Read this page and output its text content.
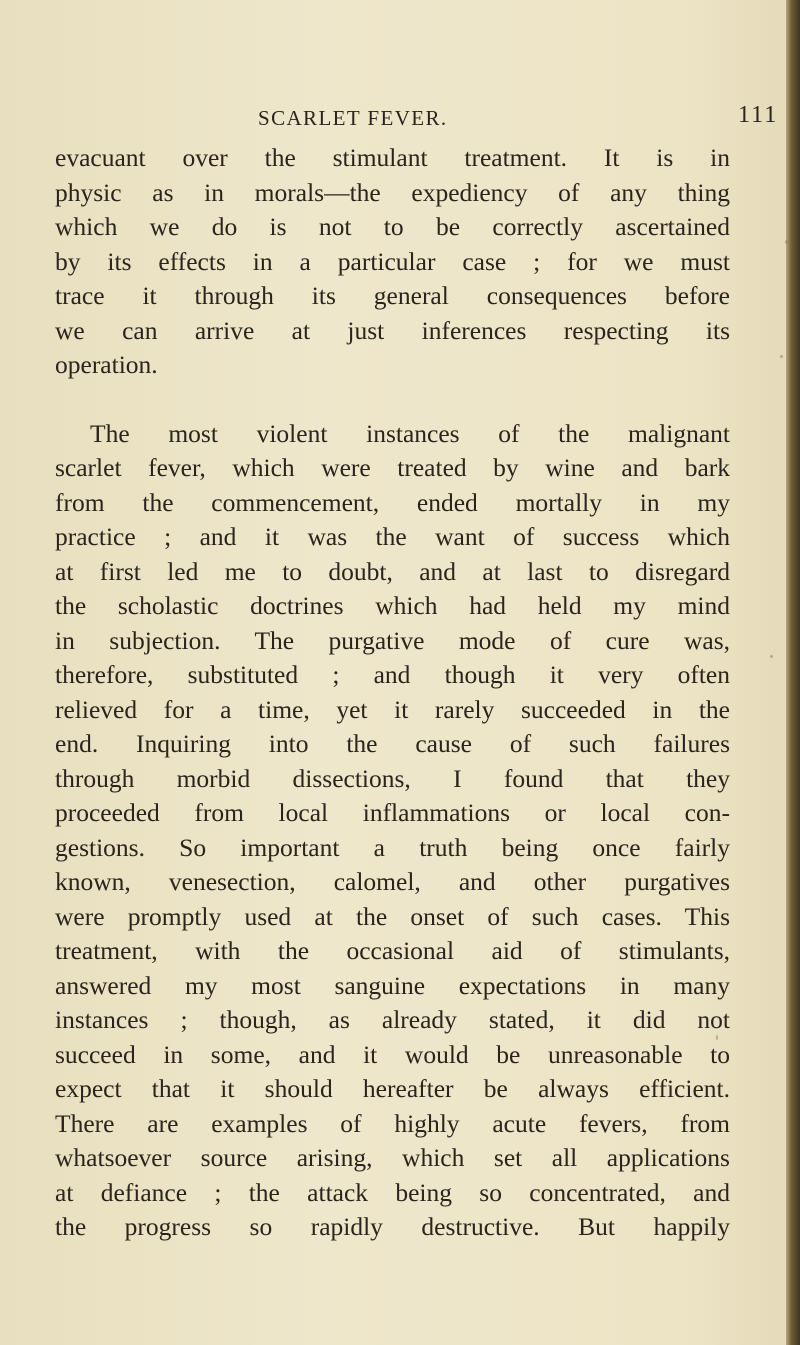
SCARLET FEVER.	111
evacuant over the stimulant treatment. It is in
physic as in morals—the expediency of any thing
which we do is not to be correctly ascertained
by its effects in a particular case ; for we must
trace it through its general consequences before
we can arrive at just inferences respecting its
operation.
The most violent instances of the malignant
scarlet fever, which were treated by wine and bark
from the commencement, ended mortally in my
practice ; and it was the want of success which
at first led me to doubt, and at last to disregard
the scholastic doctrines which had held my mind
in subjection. The purgative mode of cure was,
therefore, substituted ; and though it very often
relieved for a time, yet it rarely succeeded in the
end. Inquiring into the cause of such failures
through morbid dissections, I found that they
proceeded from local inflammations or local con-
gestions. So important a truth being once fairly
known, venesection, calomel, and other purgatives
were promptly used at the onset of such cases. This
treatment, with the occasional aid of stimulants,
answered my most sanguine expectations in many
instances ; though, as already stated, it did not
succeed in some, and it would be unreasonable to
expect that it should hereafter be always efficient.
There are examples of highly acute fevers, from
whatsoever source arising, which set all applications
at defiance ; the attack being so concentrated, and
the progress so rapidly destructive. But happily
